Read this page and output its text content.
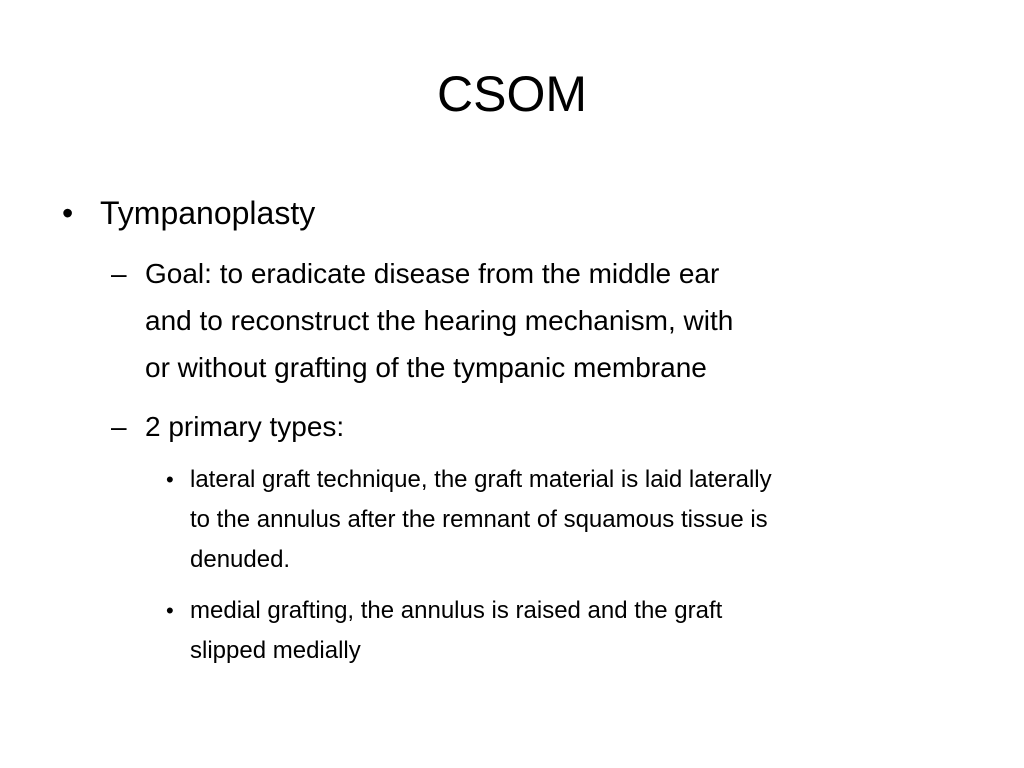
CSOM
• Tympanoplasty
– Goal: to eradicate disease from the middle ear
and to reconstruct the hearing mechanism, with
or without grafting of the tympanic membrane
– 2 primary types:
• lateral graft technique, the graft material is laid laterally
to the annulus after the remnant of squamous tissue is
denuded.
• medial grafting, the annulus is raised and the graft
slipped medially
